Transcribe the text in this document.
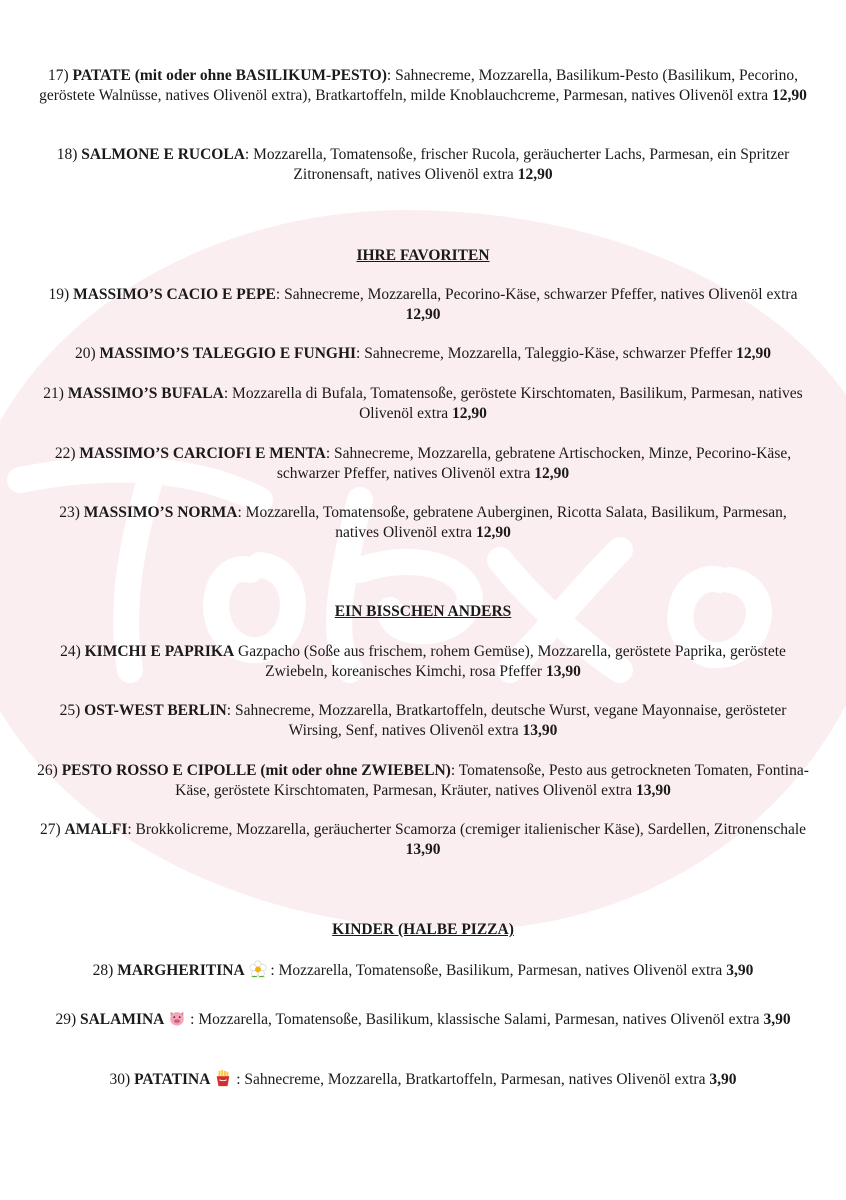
17) PATATE (mit oder ohne BASILIKUM-PESTO): Sahnecreme, Mozzarella, Basilikum-Pesto (Basilikum, Pecorino, geröstete Walnüsse, natives Olivenöl extra), Bratkartoffeln, milde Knoblauchcreme, Parmesan, natives Olivenöl extra 12,90

18) SALMONE E RUCOLA: Mozzarella, Tomatensoße, frischer Rucola, geräucherter Lachs, Parmesan, ein Spritzer Zitronensaft, natives Olivenöl extra 12,90

IHRE FAVORITEN

19) MASSIMO’S CACIO E PEPE: Sahnecreme, Mozzarella, Pecorino-Käse, schwarzer Pfeffer, natives Olivenöl extra 12,90

20) MASSIMO’S TALEGGIO E FUNGHI: Sahnecreme, Mozzarella, Taleggio-Käse, schwarzer Pfeffer 12,90

21) MASSIMO’S BUFALA: Mozzarella di Bufala, Tomatensoße, geröstete Kirschtomaten, Basilikum, Parmesan, natives Olivenöl extra 12,90

22) MASSIMO’S CARCIOFI E MENTA: Sahnecreme, Mozzarella, gebratene Artischocken, Minze, Pecorino-Käse, schwarzer Pfeffer, natives Olivenöl extra 12,90

23) MASSIMO’S NORMA: Mozzarella, Tomatensoße, gebratene Auberginen, Ricotta Salata, Basilikum, Parmesan, natives Olivenöl extra 12,90

EIN BISSCHEN ANDERS

24) KIMCHI E PAPRIKA Gazpacho (Soße aus frischem, rohem Gemüse), Mozzarella, geröstete Paprika, geröstete Zwiebeln, koreanisches Kimchi, rosa Pfeffer 13,90

25) OST-WEST BERLIN: Sahnecreme, Mozzarella, Bratkartoffeln, deutsche Wurst, vegane Mayonnaise, gerösteter Wirsing, Senf, natives Olivenöl extra 13,90

26) PESTO ROSSO E CIPOLLE (mit oder ohne ZWIEBELN): Tomatensoße, Pesto aus getrockneten Tomaten, Fontina-Käse, geröstete Kirschtomaten, Parmesan, Kräuter, natives Olivenöl extra 13,90

27) AMALFI: Brokkolicreme, Mozzarella, geräucherter Scamorza (cremiger italienischer Käse), Sardellen, Zitronenschale 13,90

KINDER (HALBE PIZZA)

28) MARGHERITINA  : Mozzarella, Tomatensoße, Basilikum, Parmesan, natives Olivenöl extra 3,90

29) SALAMINA  : Mozzarella, Tomatensoße, Basilikum, klassische Salami, Parmesan, natives Olivenöl extra 3,90

30) PATATINA  : Sahnecreme, Mozzarella, Bratkartoffeln, Parmesan, natives Olivenöl extra 3,90
